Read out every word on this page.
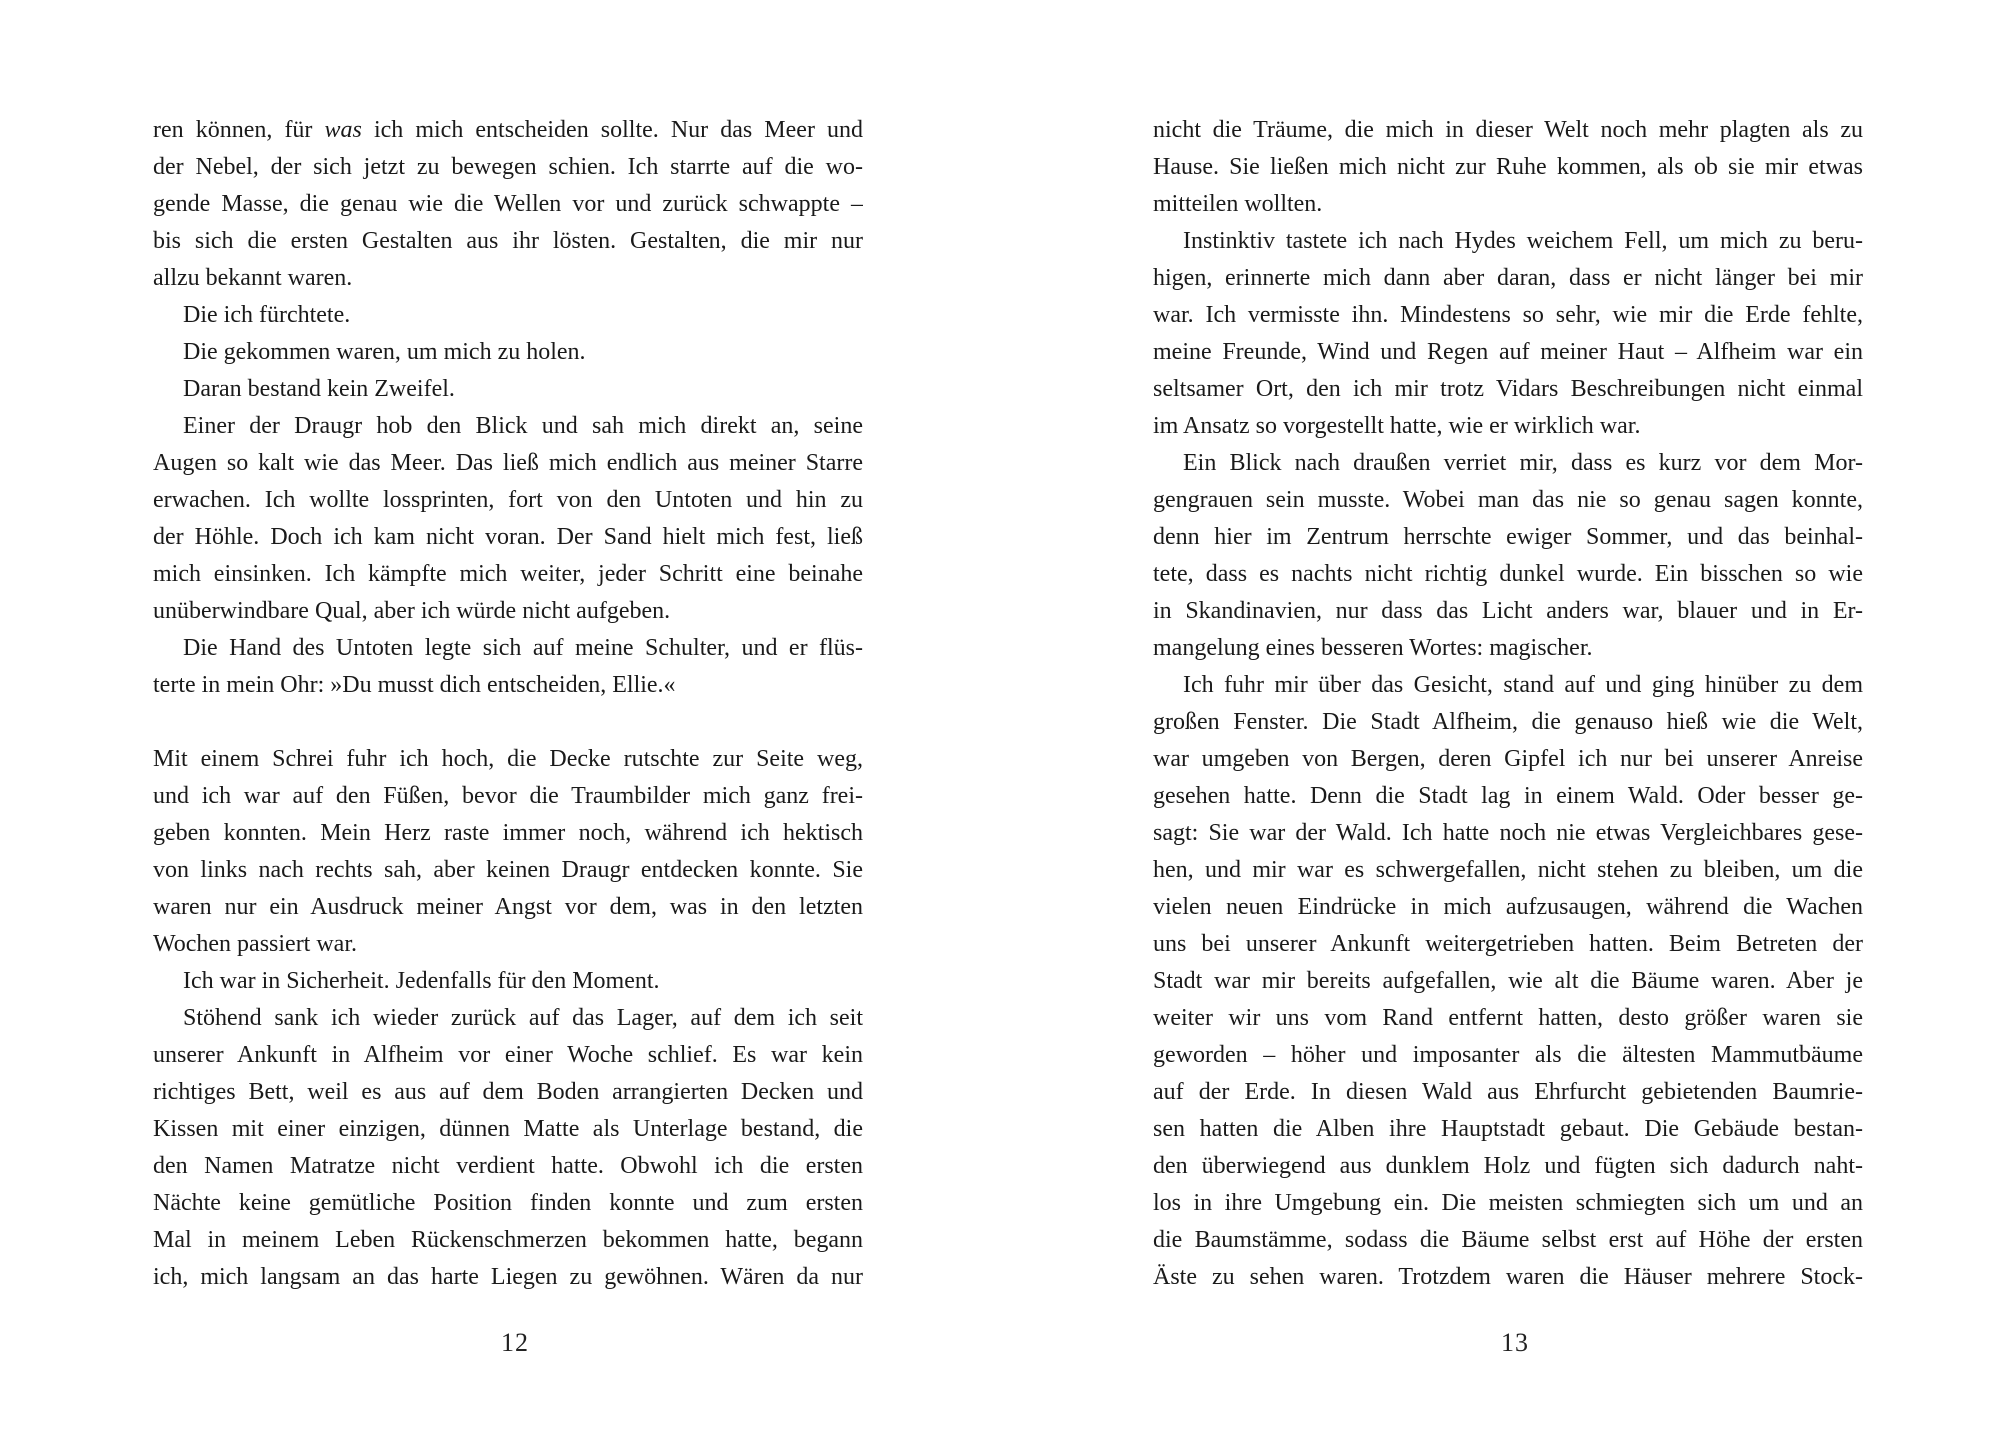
ren können, für was ich mich entscheiden sollte. Nur das Meer und
der Nebel, der sich jetzt zu bewegen schien. Ich starrte auf die wo-
gende Masse, die genau wie die Wellen vor und zurück schwappte –
bis sich die ersten Gestalten aus ihr lösten. Gestalten, die mir nur
allzu bekannt waren.
Die ich fürchtete.
Die gekommen waren, um mich zu holen.
Daran bestand kein Zweifel.
Einer der Draugr hob den Blick und sah mich direkt an, seine
Augen so kalt wie das Meer. Das ließ mich endlich aus meiner Starre
erwachen. Ich wollte lossprinten, fort von den Untoten und hin zu
der Höhle. Doch ich kam nicht voran. Der Sand hielt mich fest, ließ
mich einsinken. Ich kämpfte mich weiter, jeder Schritt eine beinahe
unüberwindbare Qual, aber ich würde nicht aufgeben.
Die Hand des Untoten legte sich auf meine Schulter, und er flüs-
terte in mein Ohr: »Du musst dich entscheiden, Ellie.«
Mit einem Schrei fuhr ich hoch, die Decke rutschte zur Seite weg,
und ich war auf den Füßen, bevor die Traumbilder mich ganz frei-
geben konnten. Mein Herz raste immer noch, während ich hektisch
von links nach rechts sah, aber keinen Draugr entdecken konnte. Sie
waren nur ein Ausdruck meiner Angst vor dem, was in den letzten
Wochen passiert war.
Ich war in Sicherheit. Jedenfalls für den Moment.
Stöhend sank ich wieder zurück auf das Lager, auf dem ich seit
unserer Ankunft in Alfheim vor einer Woche schlief. Es war kein
richtiges Bett, weil es aus auf dem Boden arrangierten Decken und
Kissen mit einer einzigen, dünnen Matte als Unterlage bestand, die
den Namen Matratze nicht verdient hatte. Obwohl ich die ersten
Nächte keine gemütliche Position finden konnte und zum ersten
Mal in meinem Leben Rückenschmerzen bekommen hatte, begann
ich, mich langsam an das harte Liegen zu gewöhnen. Wären da nur
12
nicht die Träume, die mich in dieser Welt noch mehr plagten als zu
Hause. Sie ließen mich nicht zur Ruhe kommen, als ob sie mir etwas
mitteilen wollten.
Instinktiv tastete ich nach Hydes weichem Fell, um mich zu beru-
higen, erinnerte mich dann aber daran, dass er nicht länger bei mir
war. Ich vermisste ihn. Mindestens so sehr, wie mir die Erde fehlte,
meine Freunde, Wind und Regen auf meiner Haut – Alfheim war ein
seltsamer Ort, den ich mir trotz Vidars Beschreibungen nicht einmal
im Ansatz so vorgestellt hatte, wie er wirklich war.
Ein Blick nach draußen verriet mir, dass es kurz vor dem Mor-
gengrauen sein musste. Wobei man das nie so genau sagen konnte,
denn hier im Zentrum herrschte ewiger Sommer, und das beinhal-
tete, dass es nachts nicht richtig dunkel wurde. Ein bisschen so wie
in Skandinavien, nur dass das Licht anders war, blauer und in Er-
mangelung eines besseren Wortes: magischer.
Ich fuhr mir über das Gesicht, stand auf und ging hinüber zu dem
großen Fenster. Die Stadt Alfheim, die genauso hieß wie die Welt,
war umgeben von Bergen, deren Gipfel ich nur bei unserer Anreise
gesehen hatte. Denn die Stadt lag in einem Wald. Oder besser ge-
sagt: Sie war der Wald. Ich hatte noch nie etwas Vergleichbares gese-
hen, und mir war es schwergefallen, nicht stehen zu bleiben, um die
vielen neuen Eindrücke in mich aufzusaugen, während die Wachen
uns bei unserer Ankunft weitergetrieben hatten. Beim Betreten der
Stadt war mir bereits aufgefallen, wie alt die Bäume waren. Aber je
weiter wir uns vom Rand entfernt hatten, desto größer waren sie
geworden – höher und imposanter als die ältesten Mammutbäume
auf der Erde. In diesen Wald aus Ehrfurcht gebietenden Baumrie-
sen hatten die Alben ihre Hauptstadt gebaut. Die Gebäude bestan-
den überwiegend aus dunklem Holz und fügten sich dadurch naht-
los in ihre Umgebung ein. Die meisten schmiegten sich um und an
die Baumstämme, sodass die Bäume selbst erst auf Höhe der ersten
Äste zu sehen waren. Trotzdem waren die Häuser mehrere Stock-
13
